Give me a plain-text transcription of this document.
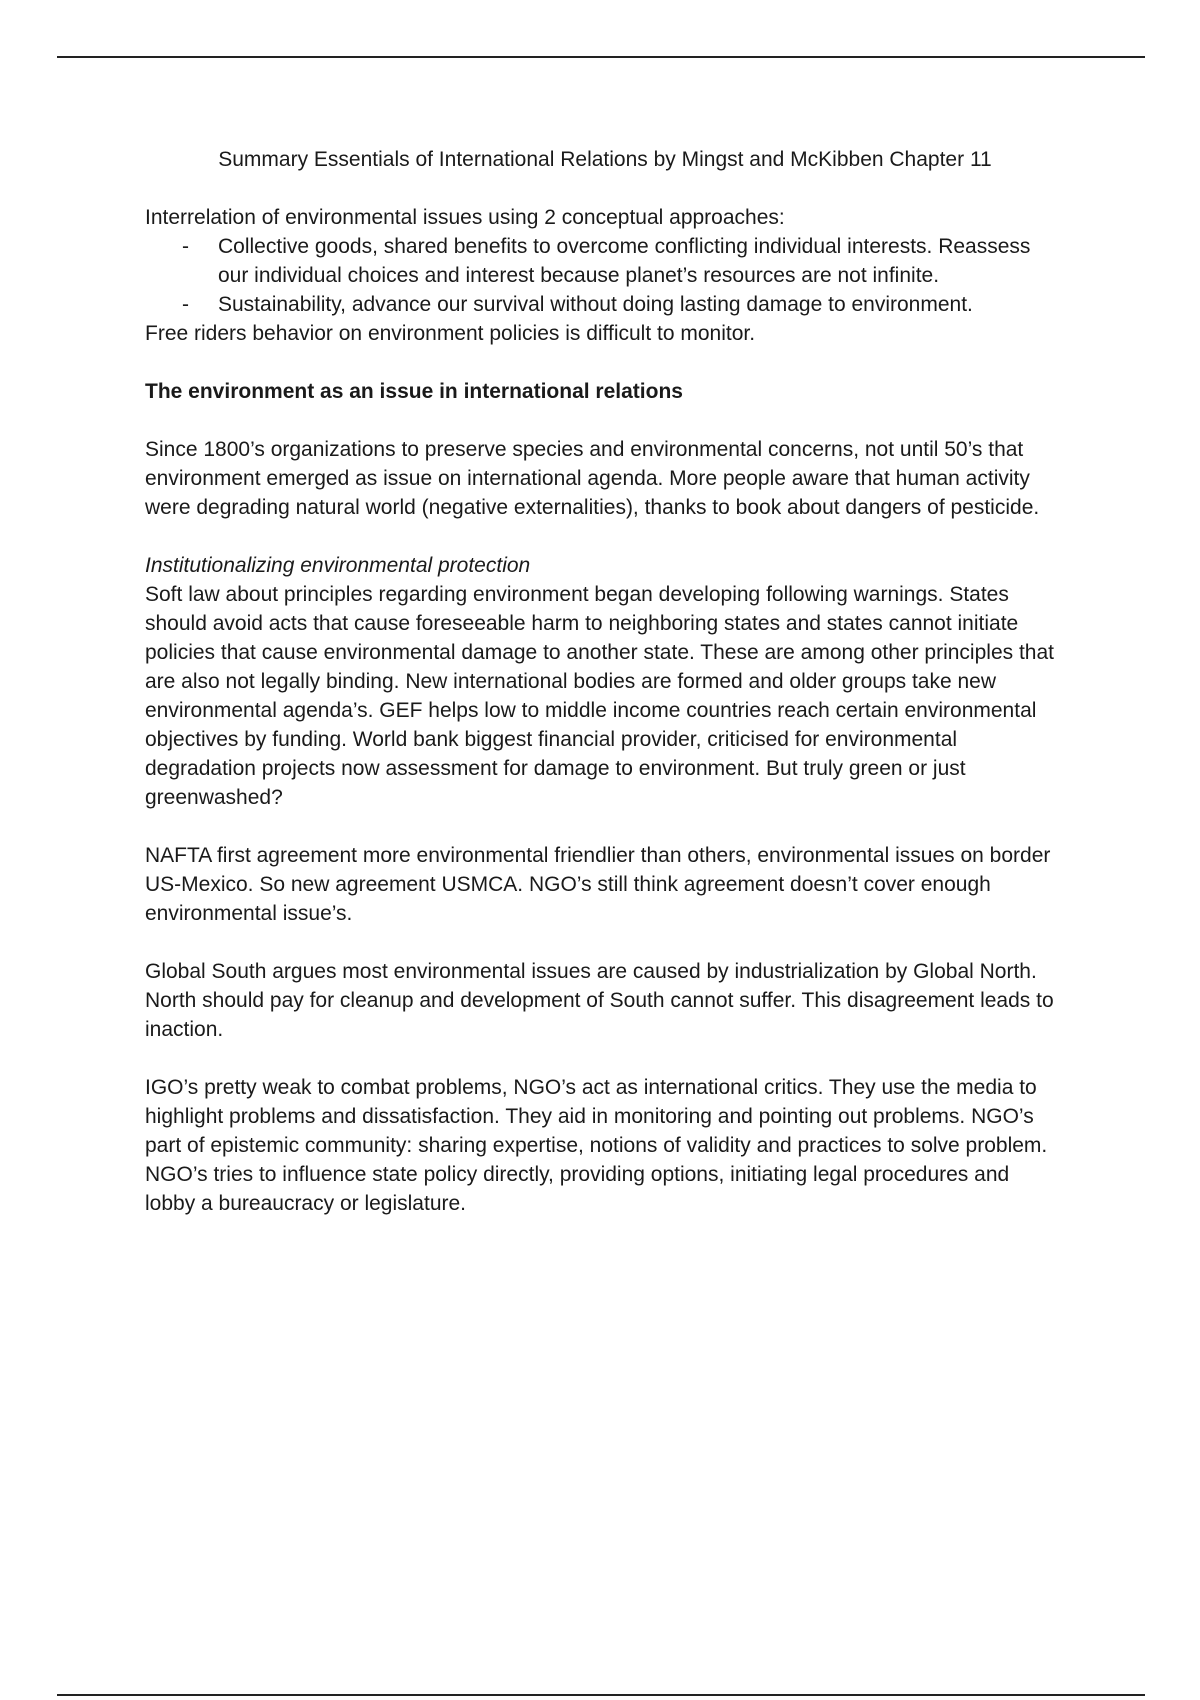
Summary Essentials of International Relations by Mingst and McKibben Chapter 11

Interrelation of environmental issues using 2 conceptual approaches:

- Collective goods, shared benefits to overcome conflicting individual interests. Reassess our individual choices and interest because planet’s resources are not infinite.
- Sustainability, advance our survival without doing lasting damage to environment.

Free riders behavior on environment policies is difficult to monitor.

The environment as an issue in international relations

Since 1800’s organizations to preserve species and environmental concerns, not until 50’s that environment emerged as issue on international agenda. More people aware that human activity were degrading natural world (negative externalities), thanks to book about dangers of pesticide.

Institutionalizing environmental protection

Soft law about principles regarding environment began developing following warnings. States should avoid acts that cause foreseeable harm to neighboring states and states cannot initiate policies that cause environmental damage to another state. These are among other principles that are also not legally binding. New international bodies are formed and older groups take new environmental agenda’s. GEF helps low to middle income countries reach certain environmental objectives by funding. World bank biggest financial provider, criticised for environmental degradation projects now assessment for damage to environment. But truly green or just greenwashed?

NAFTA first agreement more environmental friendlier than others, environmental issues on border US-Mexico. So new agreement USMCA. NGO’s still think agreement doesn’t cover enough environmental issue’s.

Global South argues most environmental issues are caused by industrialization by Global North. North should pay for cleanup and development of South cannot suffer. This disagreement leads to inaction.

IGO’s pretty weak to combat problems, NGO’s act as international critics. They use the media to highlight problems and dissatisfaction. They aid in monitoring and pointing out problems. NGO’s part of epistemic community: sharing expertise, notions of validity and practices to solve problem. NGO’s tries to influence state policy directly, providing options, initiating legal procedures and lobby a bureaucracy or legislature.
